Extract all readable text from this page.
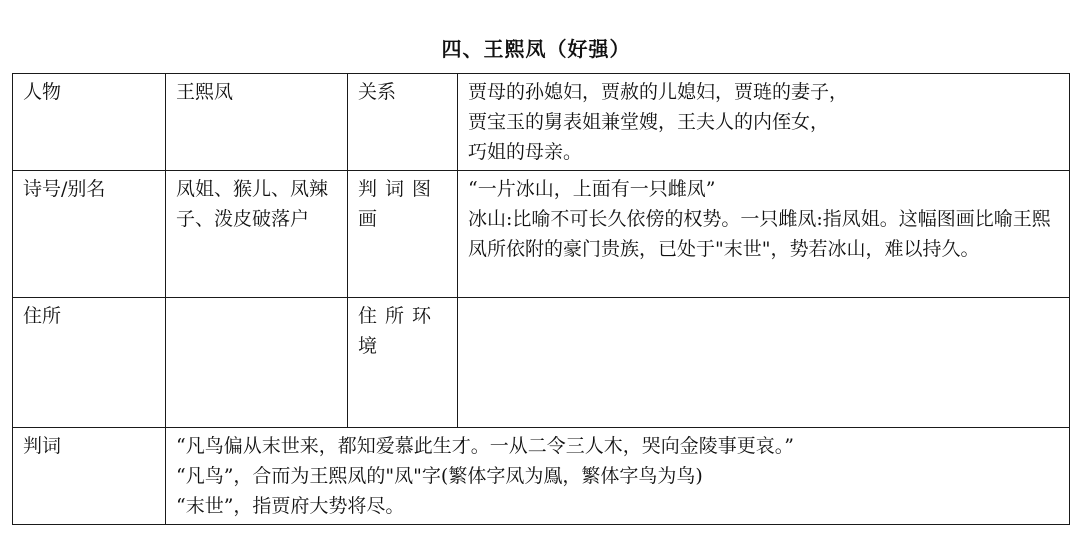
四、王熙凤（好强）
人物	王熙凤	关系	贾母的孙媳妇，贾赦的儿媳妇，贾琏的妻子，
贾宝玉的舅表姐兼堂嫂，王夫人的内侄女，
巧姐的母亲。
诗号/别名	凤姐、猴儿、凤辣子、泼皮破落户	判词图画	“一片冰山，上面有一只雌凤”
冰山:比喻不可长久依傍的权势。一只雌凤:指凤姐。这幅图画比喻王熙凤所依附的豪门贵族，已处于"末世"，势若冰山，难以持久。
住所		住所环境	
判词	“凡鸟偏从末世来，都知爱慕此生才。一从二令三人木，哭向金陵事更哀。”
“凡鸟”，合而为王熙凤的"凤"字(繁体字凤为鳯，繁体字鸟为鸟)
“末世”，指贾府大势将尽。		
